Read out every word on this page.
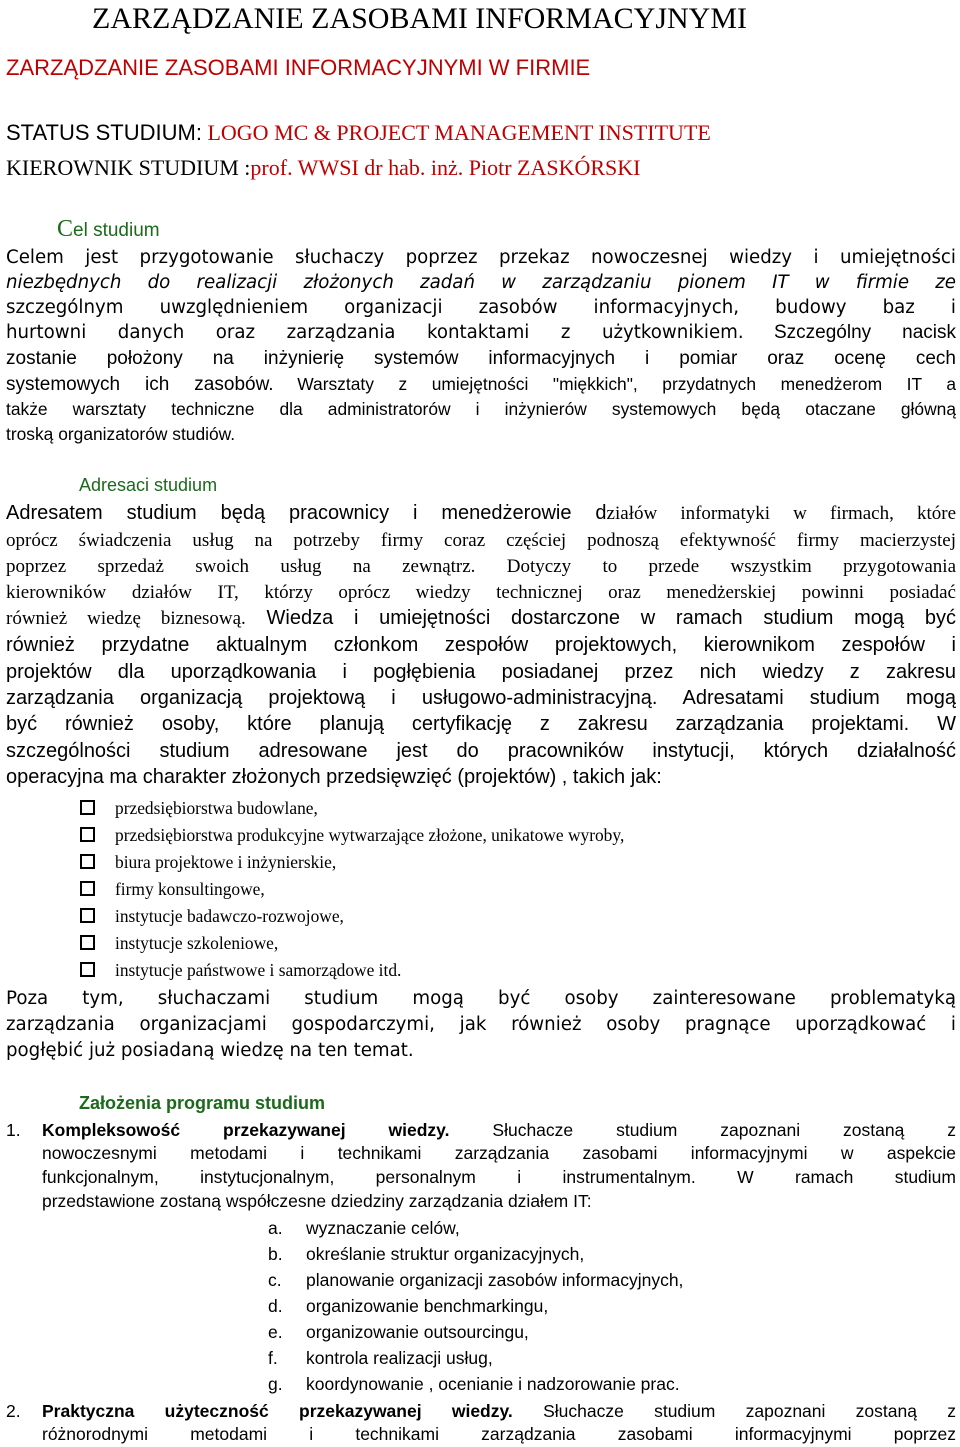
ZARZĄDZANIE ZASOBAMI INFORMACYJNYMI
ZARZĄDZANIE ZASOBAMI INFORMACYJNYMI W FIRMIE
STATUS STUDIUM: LOGO MC & PROJECT MANAGEMENT INSTITUTE
KIEROWNIK STUDIUM :prof. WWSI dr hab. inż. Piotr ZASKÓRSKI
Cel studium
Celem jest przygotowanie słuchaczy poprzez przekaz nowoczesnej wiedzy i umiejętności
niezbędnych do realizacji złożonych zadań w zarządzaniu pionem IT w firmie ze
szczególnym uwzględnieniem organizacji zasobów informacyjnych, budowy baz i
hurtowni danych oraz zarządzania kontaktami z użytkownikiem. Szczególny nacisk
zostanie położony na inżynierię systemów informacyjnych i pomiar oraz ocenę cech
systemowych ich zasobów. Warsztaty z umiejętności "miękkich", przydatnych menedżerom IT a
także warsztaty techniczne dla administratorów i inżynierów systemowych będą otaczane główną
troską organizatorów studiów.
Adresaci studium
Adresatem studium będą pracownicy i menedżerowie działów informatyki w firmach, które
oprócz świadczenia usług na potrzeby firmy coraz częściej podnoszą efektywność firmy macierzystej
poprzez sprzedaż swoich usług na zewnątrz. Dotyczy to przede wszystkim przygotowania
kierowników działów IT, którzy oprócz wiedzy technicznej oraz menedżerskiej powinni posiadać
również wiedzę biznesową. Wiedza i umiejętności dostarczone w ramach studium mogą być
również przydatne aktualnym członkom zespołów projektowych, kierownikom zespołów i
projektów dla uporządkowania i pogłębienia posiadanej przez nich wiedzy z zakresu
zarządzania organizacją projektową i usługowo-administracyjną. Adresatami studium mogą
być również osoby, które planują certyfikację z zakresu zarządzania projektami. W
szczególności studium adresowane jest do pracowników instytucji, których działalność
operacyjna ma charakter złożonych przedsięwzięć (projektów) , takich jak:
przedsiębiorstwa budowlane,
przedsiębiorstwa produkcyjne wytwarzające złożone, unikatowe wyroby,
biura projektowe i inżynierskie,
firmy konsultingowe,
instytucje badawczo-rozwojowe,
instytucje szkoleniowe,
instytucje państwowe i samorządowe itd.
Poza tym, słuchaczami studium mogą być osoby zainteresowane problematyką
zarządzania organizacjami gospodarczymi, jak również osoby pragnące uporządkować i
pogłębić już posiadaną wiedzę na ten temat.
Założenia programu studium
1. Kompleksowość przekazywanej wiedzy. Słuchacze studium zapoznani zostaną z
nowoczesnymi metodami i technikami zarządzania zasobami informacyjnymi w aspekcie
funkcjonalnym, instytucjonalnym, personalnym i instrumentalnym. W ramach studium
przedstawione zostaną współczesne dziedziny zarządzania działem IT:
a. wyznaczanie celów,
b. określanie struktur organizacyjnych,
c. planowanie organizacji zasobów informacyjnych,
d. organizowanie benchmarkingu,
e. organizowanie outsourcingu,
f. kontrola realizacji usług,
g. koordynowanie , ocenianie i nadzorowanie prac.
2. Praktyczna użyteczność przekazywanej wiedzy. Słuchacze studium zapoznani zostaną z
różnorodnymi metodami i technikami zarządzania zasobami informacyjnymi poprzez
